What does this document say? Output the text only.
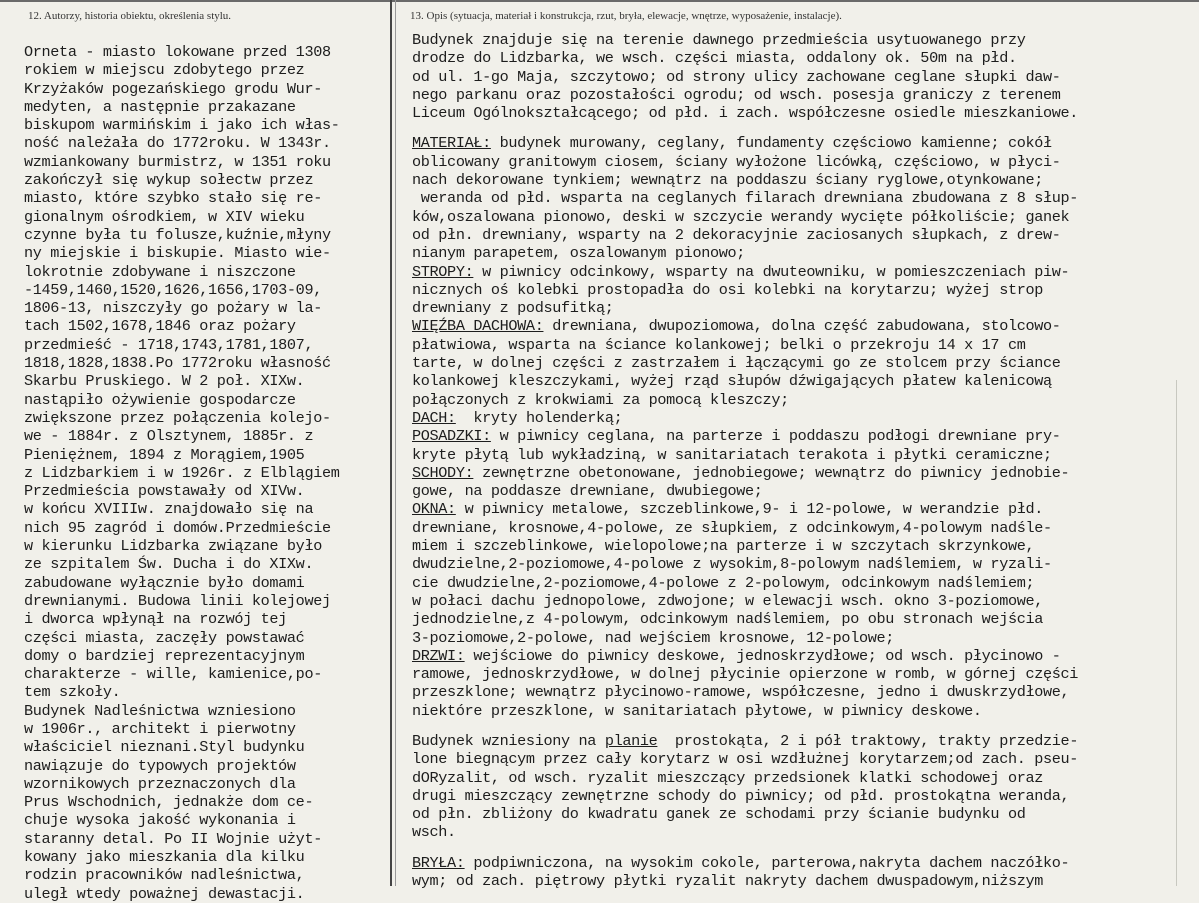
12. Autorzy, historia obiektu, określenia stylu.	13. Opis (sytuacja, materiał i konstrukcja, rzut, bryła, elewacje, wnętrze, wyposażenie, instalacje).
Orneta - miasto lokowane przed 1308
rokiem w miejscu zdobytego przez
Krzyżaków pogezańskiego grodu Wur-
medyten, a następnie przakazane
biskupom warmińskim i jako ich włas-
ność należała do 1772roku. W 1343r.
wzmiankowany burmistrz, w 1351 roku
zakończył się wykup sołectw przez
miasto, które szybko stało się re-
gionalnym ośrodkiem, w XIV wieku
czynne była tu folusze,kuźnie,młyny
ny miejskie i biskupie. Miasto wie-
lokrotnie zdobywane i niszczone
-1459,1460,1520,1626,1656,1703-09,
1806-13, niszczyły go pożary w la-
tach 1502,1678,1846 oraz pożary
przedmieść - 1718,1743,1781,1807,
1818,1828,1838.Po 1772roku własność
Skarbu Pruskiego. W 2 poł. XIXw.
nastąpiło ożywienie gospodarcze
zwiększone przez połączenia kolejo-
we - 1884r. z Olsztynem, 1885r. z
Pieniężnem, 1894 z Morągiem,1905
z Lidzbarkiem i w 1926r. z Elblągiem
Przedmieścia powstawały od XIVw.
w końcu XVIIIw. znajdowało się na
nich 95 zagród i domów.Przedmieście
w kierunku Lidzbarka związane było
ze szpitalem Św. Ducha i do XIXw.
zabudowane wyłącznie było domami
drewnianymi. Budowa linii kolejowej
i dworca wpłynął na rozwój tej
części miasta, zaczęły powstawać
domy o bardziej reprezentacyjnym
charakterze - wille, kamienice,po-
tem szkoły.
Budynek Nadleśnictwa wzniesiono
w 1906r., architekt i pierwotny
właściciel nieznani.Styl budynku
nawiązuje do typowych projektów
wzornikowych przeznaczonych dla
Prus Wschodnich, jednakże dom ce-
chuje wysoka jakość wykonania i
staranny detal. Po II Wojnie użyt-
kowany jako mieszkania dla kilku
rodzin pracowników nadleśnictwa,
uległ wtedy poważnej dewastacji.
Budynek znajduje się na terenie dawnego przedmieścia usytuowanego przy
drodze do Lidzbarka, we wsch. części miasta, oddalony ok. 50m na płd.
od ul. 1-go Maja, szczytowo; od strony ulicy zachowane ceglane słupki daw-
nego parkanu oraz pozostałości ogrodu; od wsch. posesja graniczy z terenem
Liceum Ogólnokształcącego; od płd. i zach. współczesne osiedle mieszkaniowe.
MATERIAŁ: budynek murowany, ceglany, fundamenty częściowo kamienne; cokół
oblicowany granitowym ciosem, ściany wyłożone licówką, częściowo, w płyci-
nach dekorowane tynkiem; wewnątrz na poddaszu ściany ryglowe,otynkowane;
weranda od płd. wsparta na ceglanych filarach drewniana zbudowana z 8 słup-
ków,oszalowana pionowo, deski w szczycie werandy wycięte półkoliście; ganek
od płn. drewniany, wsparty na 2 dekoracyjnie zaciosanych słupkach, z drew-
nianym parapetem, oszalowanym pionowo;
STROPY: w piwnicy odcinkowy, wsparty na dwuteowniku, w pomieszczeniach piw-
nicznych oś kolebki prostopadła do osi kolebki na korytarzu; wyżej strop
drewniany z podsufitką;
WIĘŹBA DACHOWA: drewniana, dwupoziomowa, dolna część zabudowana, stolcowo-
płatwiowa, wsparta na ściance kolankowej; belki o przekroju 14 x 17 cm
tarte, w dolnej części z zastrzałem i łączącymi go ze stolcem przy ściance
kolankowej kleszczykami, wyżej rząd słupów dźwigających płatew kalenicową
połączonych z krokwiami za pomocą kleszczy;
DACH:  kryty holenderką;
POSADZKI: w piwnicy ceglana, na parterze i poddaszu podłogi drewniane pry-
kryte płytą lub wykładziną, w sanitariatach terakota i płytki ceramiczne;
SCHODY: zewnętrzne obetonowane, jednobiegowe; wewnątrz do piwnicy jednobie-
gowe, na poddasze drewniane, dwubiegowe;
OKNA: w piwnicy metalowe, szczeblinkowe,9- i 12-polowe, w werandzie płd.
drewniane, krosnowe,4-polowe, ze słupkiem, z odcinkowym,4-polowym nadśle-
miem i szczeblinkowe, wielopolowe;na parterze i w szczytach skrzynkowe,
dwudzielne,2-poziomowe,4-polowe z wysokim,8-polowym nadślemiem, w ryzali-
cie dwudzielne,2-poziomowe,4-polowe z 2-polowym, odcinkowym nadślemiem;
w połaci dachu jednopolowe, zdwojone; w elewacji wsch. okno 3-poziomowe,
jednodzielne,z 4-polowym, odcinkowym nadślemiem, po obu stronach wejścia
3-poziomowe,2-polowe, nad wejściem krosnowe, 12-polowe;
DRZWI: wejściowe do piwnicy deskowe, jednoskrzydłowe; od wsch. płycinowo -
ramowe, jednoskrzydłowe, w dolnej płycinie opierzone w romb, w górnej części
przeszklone; wewnątrz płycinowo-ramowe, współczesne, jedno i dwuskrzydłowe,
niektóre przeszklone, w sanitariatach płytowe, w piwnicy deskowe.
Budynek wzniesiony na planie  prostokąta, 2 i pół traktowy, trakty przedzie-
lone biegnącym przez cały korytarz w osi wzdłużnej korytarzem;od zach. pseu-
dORyzalit, od wsch. ryzalit mieszczący przedsionek klatki schodowej oraz
drugi mieszczący zewnętrzne schody do piwnicy; od płd. prostokątna weranda,
od płn. zbliżony do kwadratu ganek ze schodami przy ścianie budynku od
wsch.
BRYŁA: podpiwniczona, na wysokim cokole, parterowa,nakryta dachem naczółko-
wym; od zach. piętrowy płytki ryzalit nakryty dachem dwuspadowym,niższym
